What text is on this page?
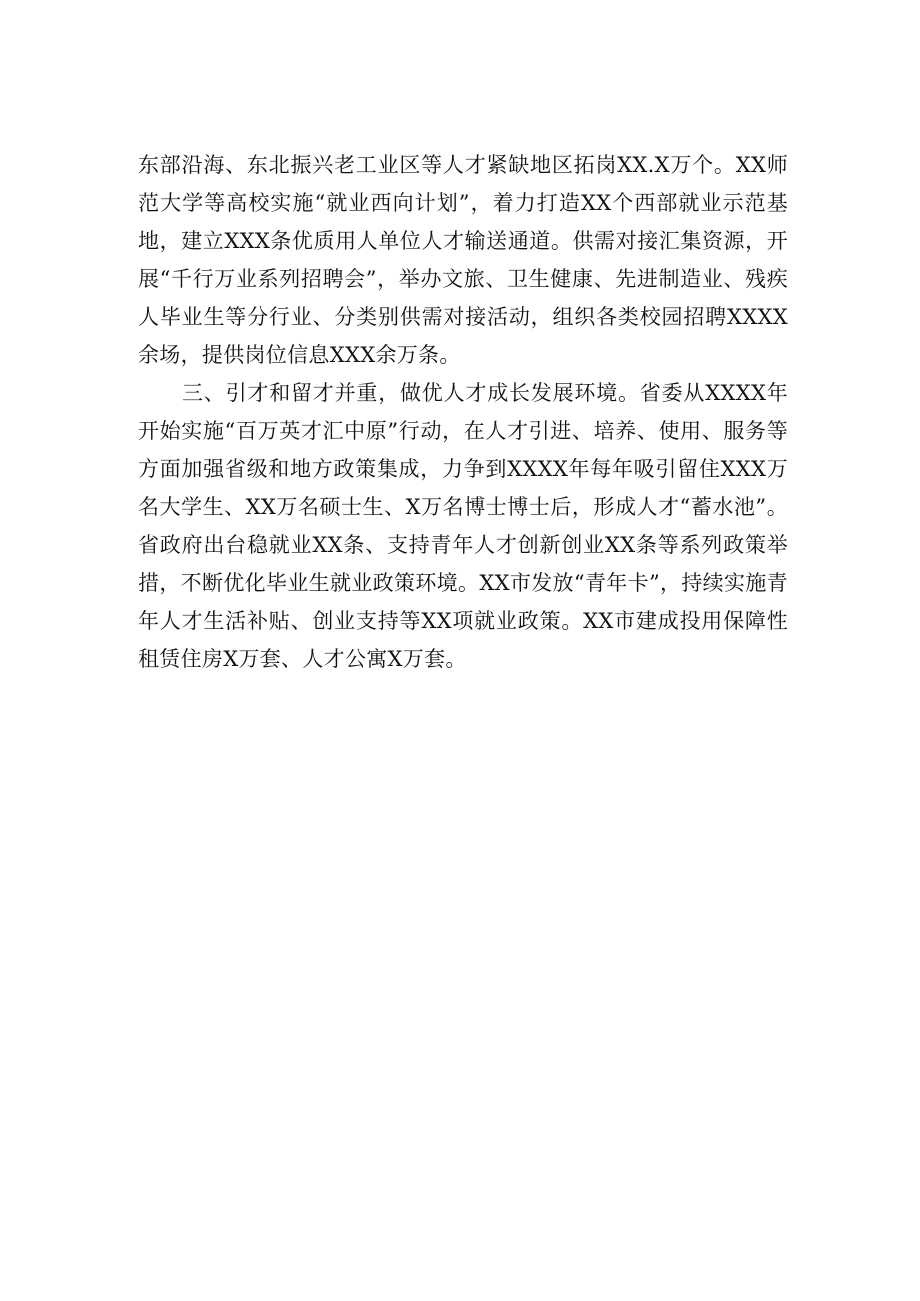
东部沿海、东北振兴老工业区等人才紧缺地区拓岗XX.X万个。XX师范大学等高校实施“就业西向计划”，着力打造XX个西部就业示范基地，建立XXX条优质用人单位人才输送通道。供需对接汇集资源，开展“千行万业系列招聘会”，举办文旅、卫生健康、先进制造业、残疾人毕业生等分行业、分类别供需对接活动，组织各类校园招聘XXXX余场，提供岗位信息XXX余万条。

三、引才和留才并重，做优人才成长发展环境。省委从XXXX年开始实施“百万英才汇中原”行动，在人才引进、培养、使用、服务等方面加强省级和地方政策集成，力争到XXXX年每年吸引留住XXX万名大学生、XX万名硕士生、X万名博士博士后，形成人才“蓄水池”。省政府出台稳就业XX条、支持青年人才创新创业XX条等系列政策举措，不断优化毕业生就业政策环境。XX市发放“青年卡”，持续实施青年人才生活补贴、创业支持等XX项就业政策。XX市建成投用保障性租赁住房X万套、人才公寓X万套。
